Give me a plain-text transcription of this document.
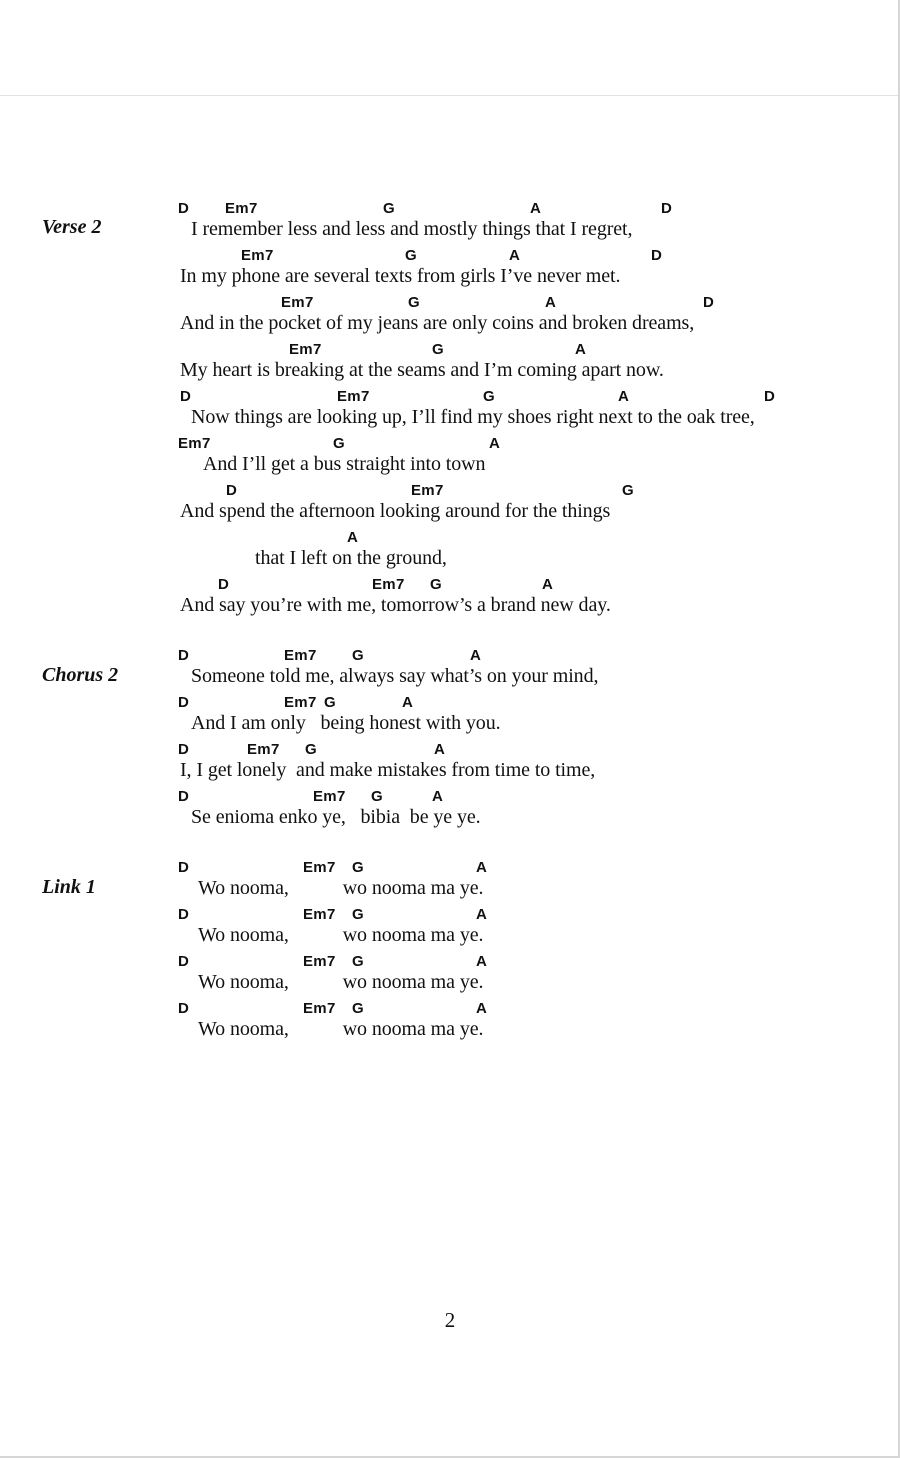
Verse 2
D Em7	G	A	D
I remember less and less and mostly things that I regret,
Em7	G	A	D
In my phone are several texts from girls I’ve never met.
Em7	G	A	D
And in the pocket of my jeans are only coins and broken dreams,
Em7	G	A
My heart is breaking at the seams and I’m coming apart now.
D	Em7	G	A	D
Now things are looking up, I’ll find my shoes right next to the oak tree,
Em7	G	A
And I’ll get a bus straight into town
D	Em7	G
And spend the afternoon looking around for the things
A
that I left on the ground,
D	Em7 G	A
And say you’re with me, tomorrow’s a brand new day.
Chorus 2
D	Em7 G	A
Someone told me, always say what’s on your mind,
D	Em7 G	A
And I am only   being honest with you.
D	Em7 G	A
I, I get lonely  and make mistakes from time to time,
D	Em7 G	A
Se enioma enko ye,   bibia  be ye ye.
Link 1
D	Em7 G	A
Wo nooma,           wo nooma ma ye.
D	Em7 G	A
Wo nooma,           wo nooma ma ye.
D	Em7 G	A
Wo nooma,           wo nooma ma ye.
D	Em7 G	A
Wo nooma,           wo nooma ma ye.
2
